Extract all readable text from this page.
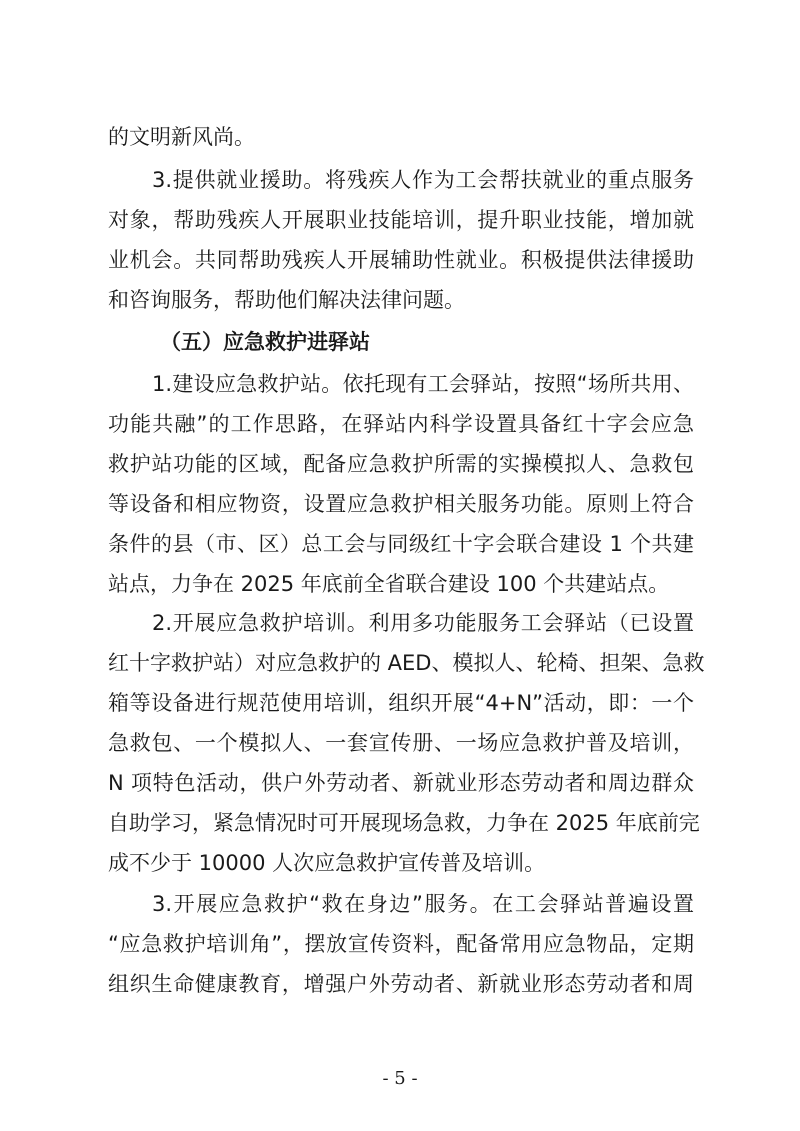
的文明新风尚。
3.提供就业援助。将残疾人作为工会帮扶就业的重点服务
对象，帮助残疾人开展职业技能培训，提升职业技能，增加就
业机会。共同帮助残疾人开展辅助性就业。积极提供法律援助
和咨询服务，帮助他们解决法律问题。
（五）应急救护进驿站
1.建设应急救护站。依托现有工会驿站，按照“场所共用、
功能共融”的工作思路，在驿站内科学设置具备红十字会应急
救护站功能的区域，配备应急救护所需的实操模拟人、急救包
等设备和相应物资，设置应急救护相关服务功能。原则上符合
条件的县（市、区）总工会与同级红十字会联合建设 1 个共建
站点，力争在 2025 年底前全省联合建设 100 个共建站点。
2.开展应急救护培训。利用多功能服务工会驿站（已设置
红十字救护站）对应急救护的 AED、模拟人、轮椅、担架、急救
箱等设备进行规范使用培训，组织开展“4+N”活动，即：一个
急救包、一个模拟人、一套宣传册、一场应急救护普及培训，
N 项特色活动，供户外劳动者、新就业形态劳动者和周边群众
自助学习，紧急情况时可开展现场急救，力争在 2025 年底前完
成不少于 10000 人次应急救护宣传普及培训。
3.开展应急救护“救在身边”服务。在工会驿站普遍设置
“应急救护培训角”，摆放宣传资料，配备常用应急物品，定期
组织生命健康教育，增强户外劳动者、新就业形态劳动者和周
- 5 -
